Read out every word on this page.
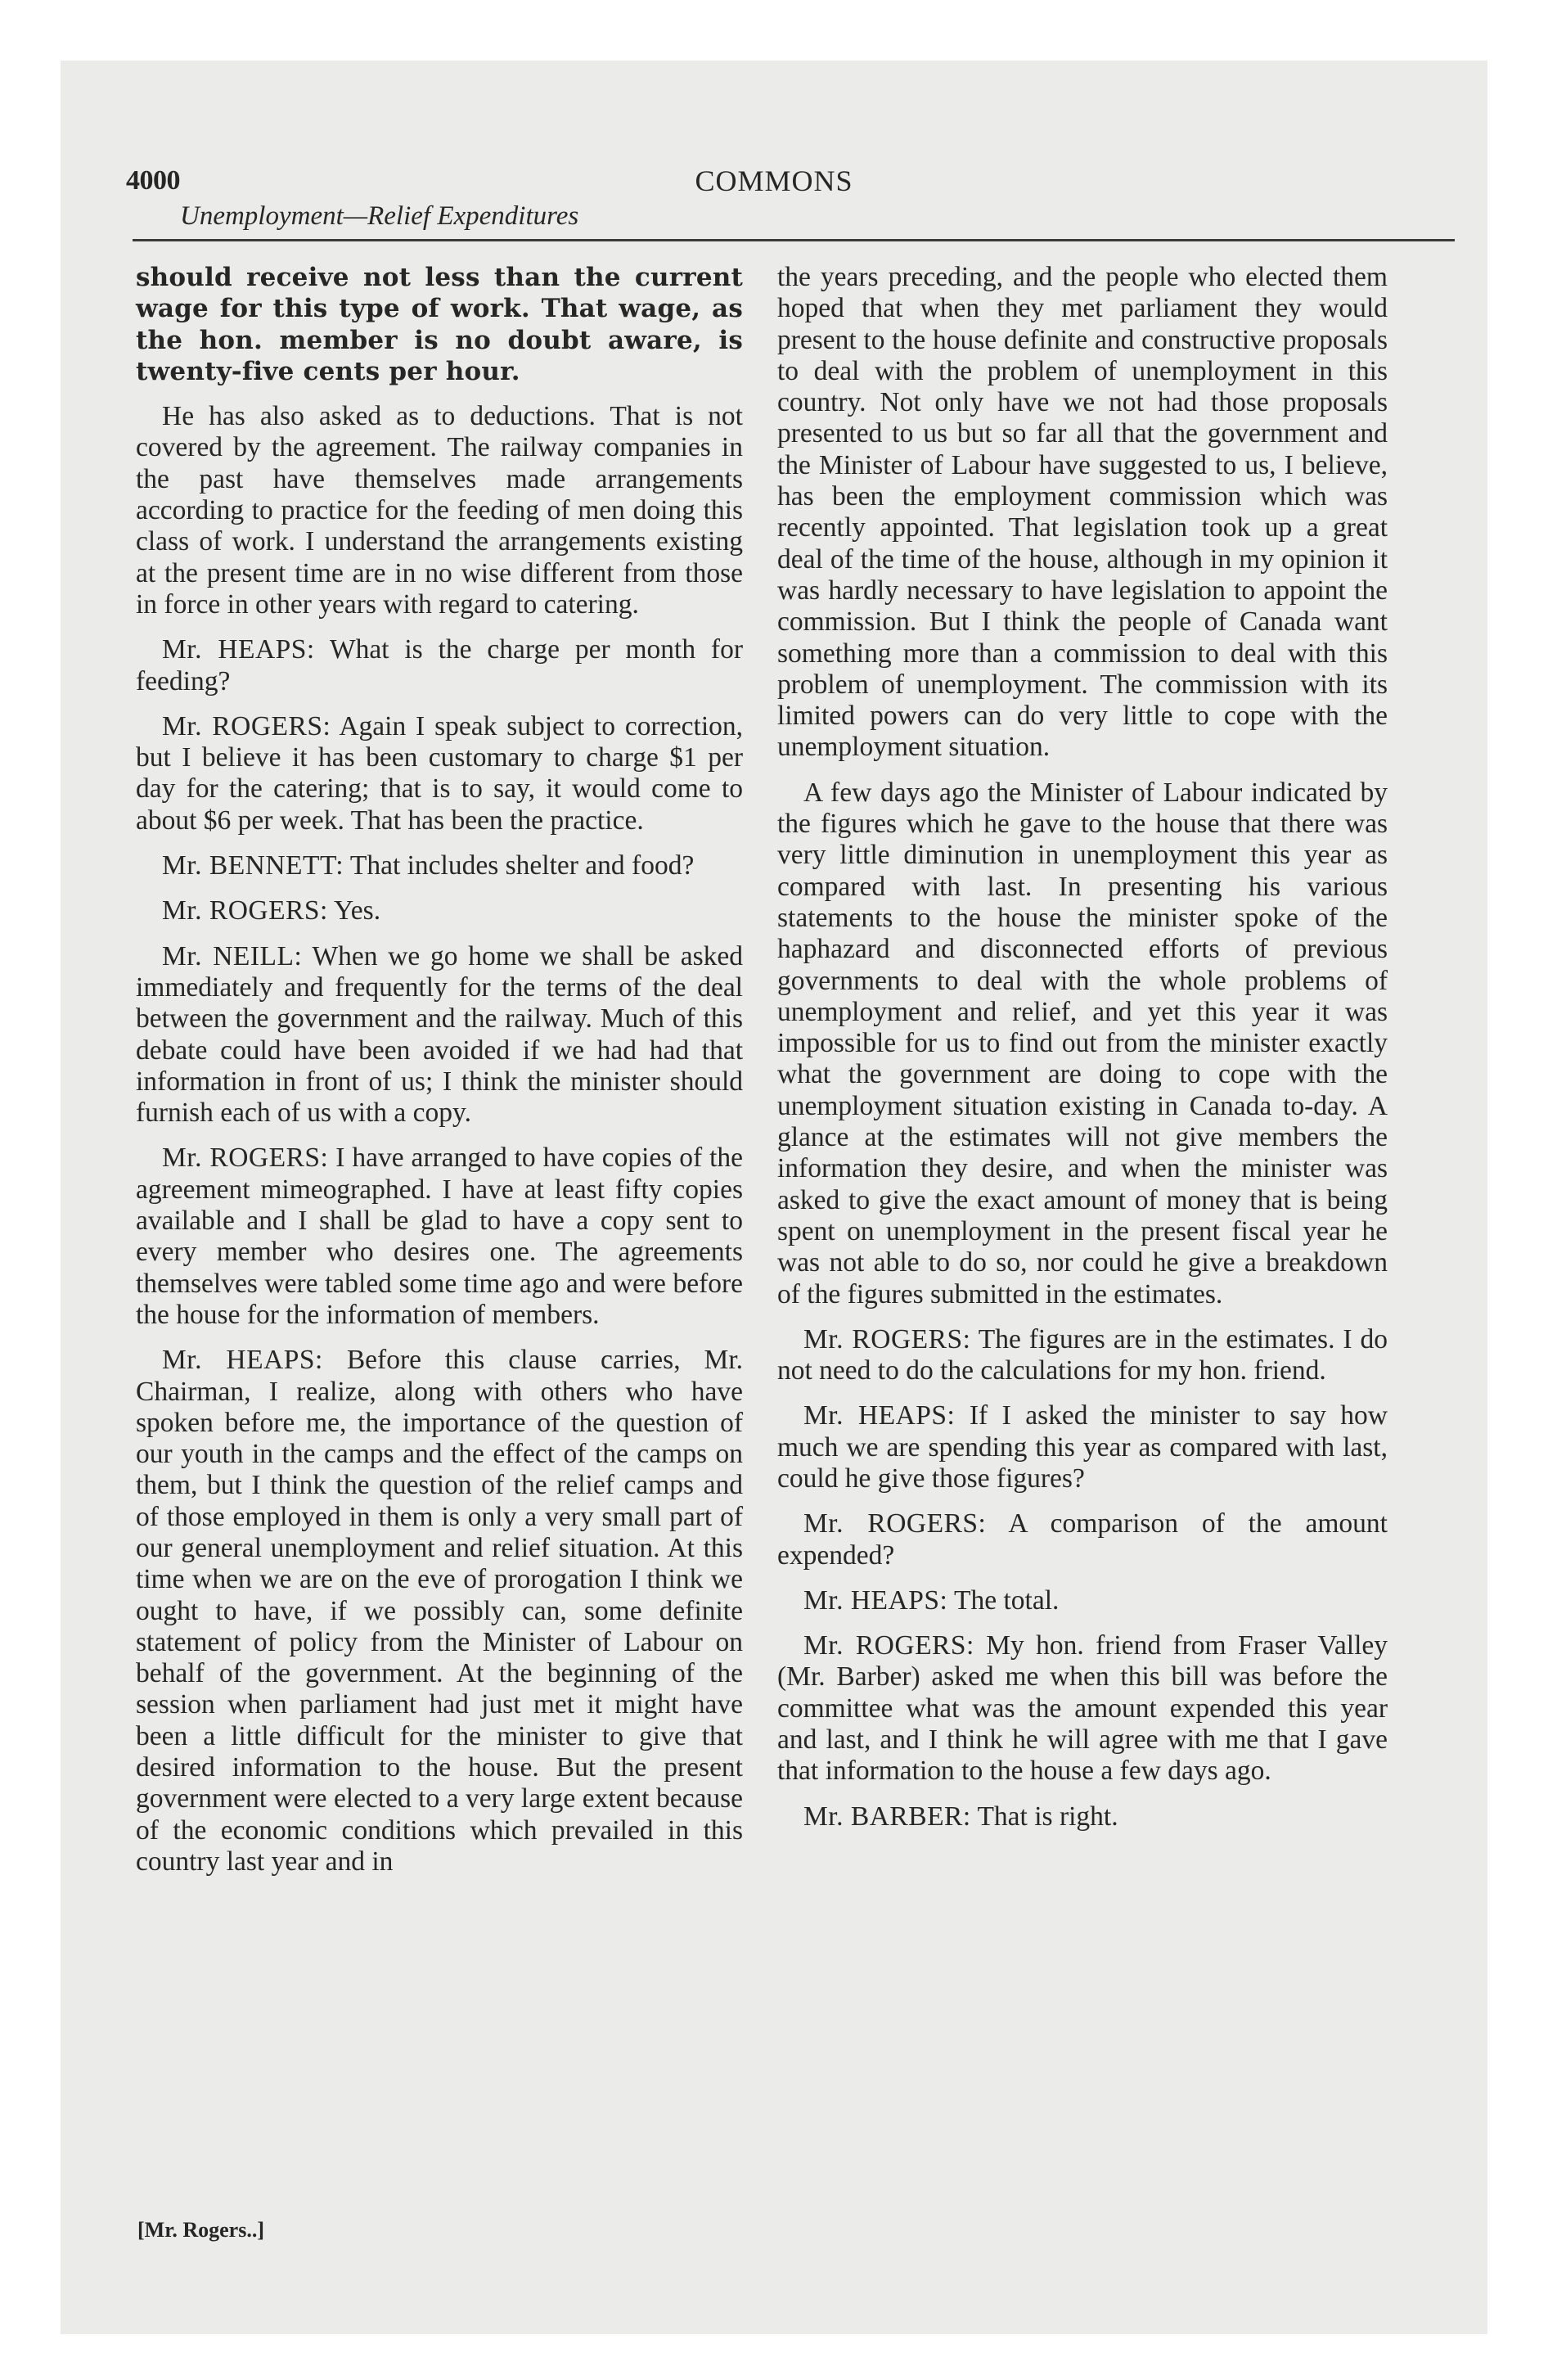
4000	COMMONS
Unemployment—Relief Expenditures

should receive not less than the current wage for this type of work. That wage, as the hon. member is no doubt aware, is twenty-five cents per hour.

He has also asked as to deductions. That is not covered by the agreement. The railway companies in the past have themselves made arrangements according to practice for the feeding of men doing this class of work. I understand the arrangements existing at the present time are in no wise different from those in force in other years with regard to catering.

Mr. HEAPS: What is the charge per month for feeding?

Mr. ROGERS: Again I speak subject to correction, but I believe it has been customary to charge $1 per day for the catering; that is to say, it would come to about $6 per week. That has been the practice.

Mr. BENNETT: That includes shelter and food?

Mr. ROGERS: Yes.

Mr. NEILL: When we go home we shall be asked immediately and frequently for the terms of the deal between the government and the railway. Much of this debate could have been avoided if we had had that information in front of us; I think the minister should furnish each of us with a copy.

Mr. ROGERS: I have arranged to have copies of the agreement mimeographed. I have at least fifty copies available and I shall be glad to have a copy sent to every member who desires one. The agreements themselves were tabled some time ago and were before the house for the information of members.

Mr. HEAPS: Before this clause carries, Mr. Chairman, I realize, along with others who have spoken before me, the importance of the question of our youth in the camps and the effect of the camps on them, but I think the question of the relief camps and of those employed in them is only a very small part of our general unemployment and relief situation. At this time when we are on the eve of prorogation I think we ought to have, if we possibly can, some definite statement of policy from the Minister of Labour on behalf of the government. At the beginning of the session when parliament had just met it might have been a little difficult for the minister to give that desired information to the house. But the present government were elected to a very large extent because of the economic conditions which prevailed in this country last year and in

the years preceding, and the people who elected them hoped that when they met parliament they would present to the house definite and constructive proposals to deal with the problem of unemployment in this country. Not only have we not had those proposals presented to us but so far all that the government and the Minister of Labour have suggested to us, I believe, has been the employment commission which was recently appointed. That legislation took up a great deal of the time of the house, although in my opinion it was hardly necessary to have legislation to appoint the commission. But I think the people of Canada want something more than a commission to deal with this problem of unemployment. The commission with its limited powers can do very little to cope with the unemployment situation.

A few days ago the Minister of Labour indicated by the figures which he gave to the house that there was very little diminution in unemployment this year as compared with last. In presenting his various statements to the house the minister spoke of the haphazard and disconnected efforts of previous governments to deal with the whole problems of unemployment and relief, and yet this year it was impossible for us to find out from the minister exactly what the government are doing to cope with the unemployment situation existing in Canada to-day. A glance at the estimates will not give members the information they desire, and when the minister was asked to give the exact amount of money that is being spent on unemployment in the present fiscal year he was not able to do so, nor could he give a breakdown of the figures submitted in the estimates.

Mr. ROGERS: The figures are in the estimates. I do not need to do the calculations for my hon. friend.

Mr. HEAPS: If I asked the minister to say how much we are spending this year as compared with last, could he give those figures?

Mr. ROGERS: A comparison of the amount expended?

Mr. HEAPS: The total.

Mr. ROGERS: My hon. friend from Fraser Valley (Mr. Barber) asked me when this bill was before the committee what was the amount expended this year and last, and I think he will agree with me that I gave that information to the house a few days ago.

Mr. BARBER: That is right.

[Mr. Rogers..]
